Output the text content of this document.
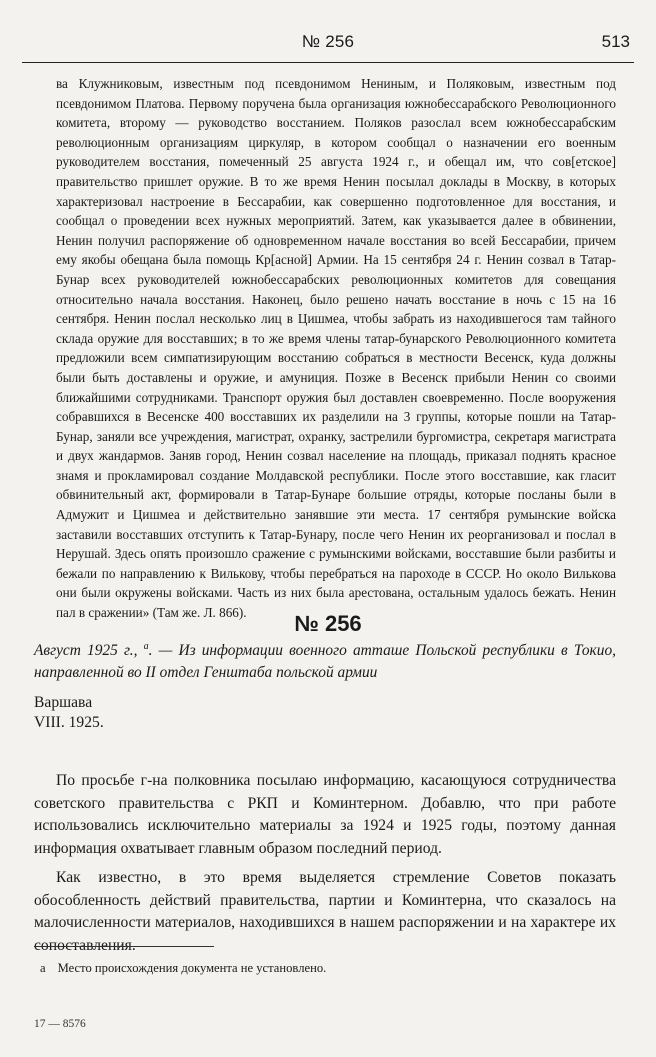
№ 256	513

ва Клужниковым, известным под псевдонимом Нениным, и Поляковым, известным под псевдонимом Платова. Первому поручена была организация южнобессарабского Революционного комитета, второму — руководство восстанием. Поляков разослал всем южнобессарабским революционным организациям циркуляр, в котором сообщал о назначении его военным руководителем восстания, помеченный 25 августа 1924 г., и обещал им, что сов[етское] правительство пришлет оружие. В то же время Ненин посылал доклады в Москву, в которых характеризовал настроение в Бессарабии, как совершенно подготовленное для восстания, и сообщал о проведении всех нужных мероприятий. Затем, как указывается далее в обвинении, Ненин получил распоряжение об одновременном начале восстания во всей Бессарабии, причем ему якобы обещана была помощь Кр[асной] Армии. На 15 сентября 24 г. Ненин созвал в Татар-Бунар всех руководителей южнобессарабских революционных комитетов для совещания относительно начала восстания. Наконец, было решено начать восстание в ночь с 15 на 16 сентября. Ненин послал несколько лиц в Цишмеа, чтобы забрать из находившегося там тайного склада оружие для восставших; в то же время члены татар-бунарского Революционного комитета предложили всем симпатизирующим восстанию собраться в местности Весенск, куда должны были быть доставлены и оружие, и амуниция. Позже в Весенск прибыли Ненин со своими ближайшими сотрудниками. Транспорт оружия был доставлен своевременно. После вооружения собравшихся в Весенске 400 восставших их разделили на 3 группы, которые пошли на Татар-Бунар, заняли все учреждения, магистрат, охранку, застрелили бургомистра, секретаря магистрата и двух жандармов. Заняв город, Ненин созвал население на площадь, приказал поднять красное знамя и прокламировал создание Молдавской республики. После этого восставшие, как гласит обвинительный акт, формировали в Татар-Бунаре большие отряды, которые посланы были в Адмужит и Цишмеа и действительно занявшие эти места. 17 сентября румынские войска заставили восставших отступить к Татар-Бунару, после чего Ненин их реорганизовал и послал в Нерушай. Здесь опять произошло сражение с румынскими войсками, восставшие были разбиты и бежали по направлению к Вилькову, чтобы перебраться на пароходе в СССР. Но около Вилькова они были окружены войсками. Часть из них была арестована, остальным удалось бежать. Ненин пал в сражении» (Там же. Л. 866).	№ 256
Август 1925 г., $^а$. — Из информации военного атташе Польской республики в Токио, направленной во II отдел Генштаба польской армии
Варшава
VIII. 1925.

По просьбе г-на полковника посылаю информацию, касающуюся сотрудничества советского правительства с РКП и Коминтерном. Добавлю, что при работе использовались исключительно материалы за 1924 и 1925 годы, поэтому данная информация охватывает главным образом последний период.

Как известно, в это время выделяется стремление Советов показать обособленность действий правительства, партии и Коминтерна, что сказалось на малочисленности материалов, находившихся в нашем распоряжении и на характере их сопоставления.

а Место происхождения документа не установлено.
17 — 8576
